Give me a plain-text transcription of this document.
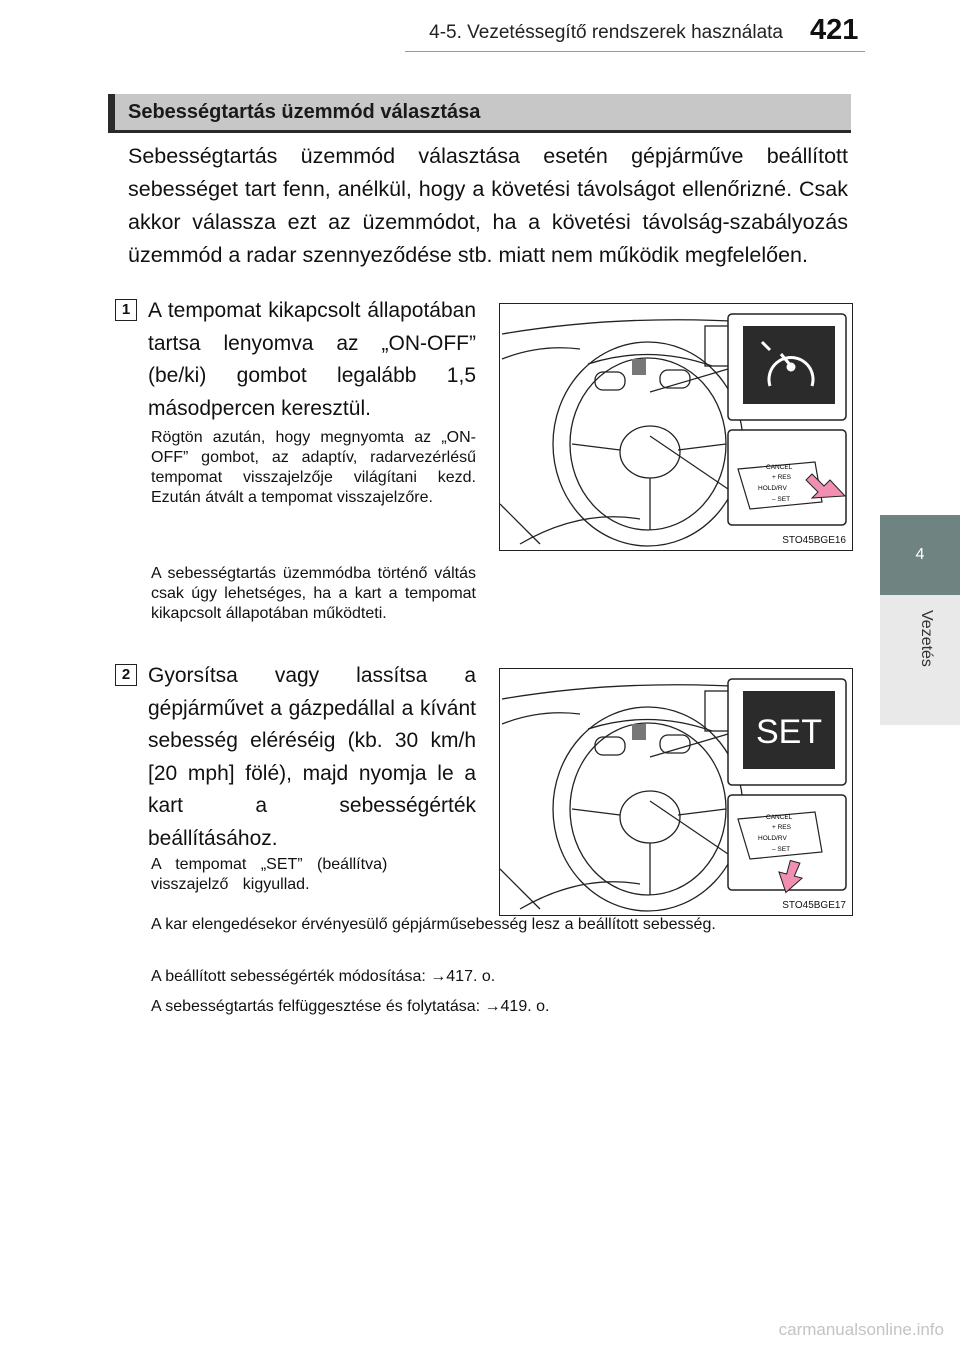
4-5. Vezetéssegítő rendszerek használata 421
4
Vezetés
Sebességtartás üzemmód választása
Sebességtartás üzemmód választása esetén gépjárműve beállított sebességet tart fenn, anélkül, hogy a követési távolságot ellenőrizné. Csak akkor válassza ezt az üzemmódot, ha a követési távolság-szabályozás üzemmód a radar szennyeződése stb. miatt nem működik megfelelően.
1 A tempomat kikapcsolt állapotában tartsa lenyomva az „ON-OFF” (be/ki) gombot legalább 1,5 másodpercen keresztül.
Rögtön azután, hogy megnyomta az „ON-OFF” gombot, az adaptív, radarvezérlésű tempomat visszajelzője világítani kezd. Ezután átvált a tempomat visszajelzőre.
A sebességtartás üzemmódba történő váltás csak úgy lehetséges, ha a kart a tempomat kikapcsolt állapotában működteti.
CANCEL
+ RES
HOLD/RV
– SET
STO45BGE16
2 Gyorsítsa vagy lassítsa a gépjárművet a gázpedállal a kívánt sebesség eléréséig (kb. 30 km/h [20 mph] fölé), majd nyomja le a kart a sebességérték beállításához.
A tempomat „SET” (beállítva) visszajelző kigyullad.
SET
CANCEL
+ RES
HOLD/RV
– SET
STO45BGE17
A kar elengedésekor érvényesülő gépjárműsebesség lesz a beállított sebesség.
A beállított sebességérték módosítása: →417. o.
A sebességtartás felfüggesztése és folytatása: →419. o.
carmanualsonline.info
